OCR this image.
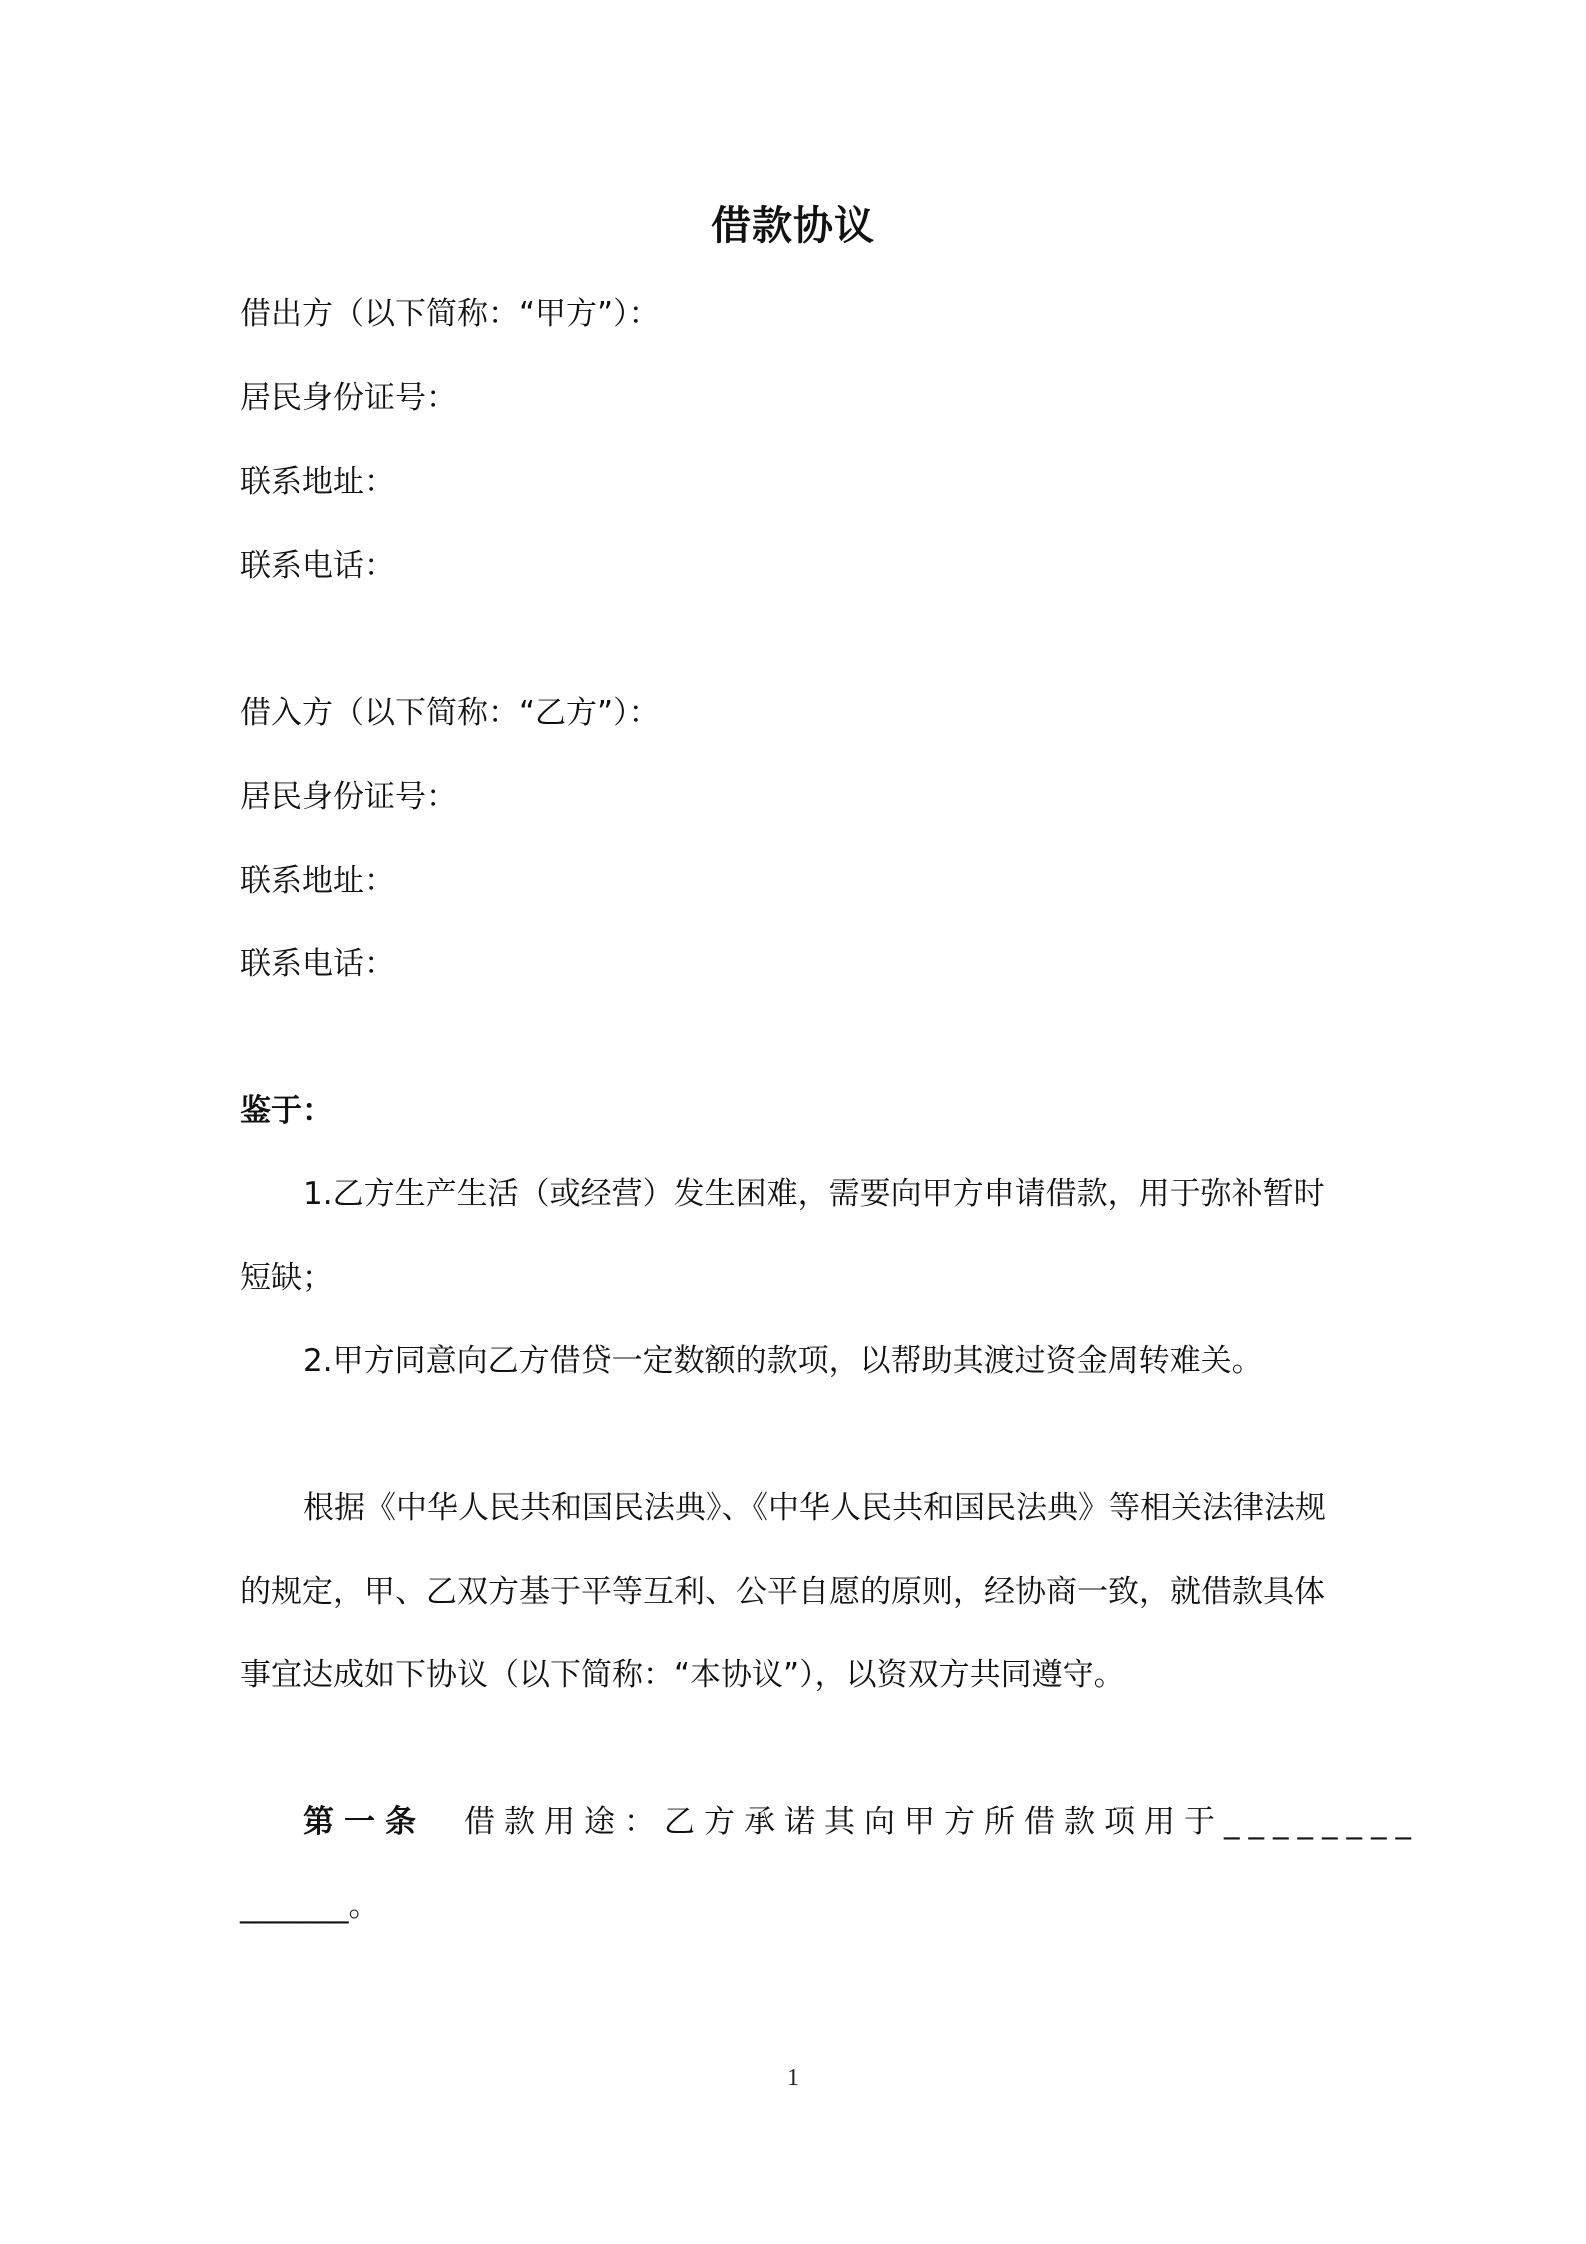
借款协议
借出方（以下简称：“甲方”）：
居民身份证号：
联系地址：
联系电话：
借入方（以下简称：“乙方”）：
居民身份证号：
联系地址：
联系电话：
鉴于：
1.乙方生产生活（或经营）发生困难，需要向甲方申请借款，用于弥补暂时
短缺；
2.甲方同意向乙方借贷一定数额的款项，以帮助其渡过资金周转难关。
根据《中华人民共和国民法典》、《中华人民共和国民法典》等相关法律法规
的规定，甲、乙双方基于平等互利、公平自愿的原则，经协商一致，就借款具体
事宜达成如下协议（以下简称：“本协议”），以资双方共同遵守。
第一条 借款用途：乙方承诺其向甲方所借款项用于________
_______。
1
